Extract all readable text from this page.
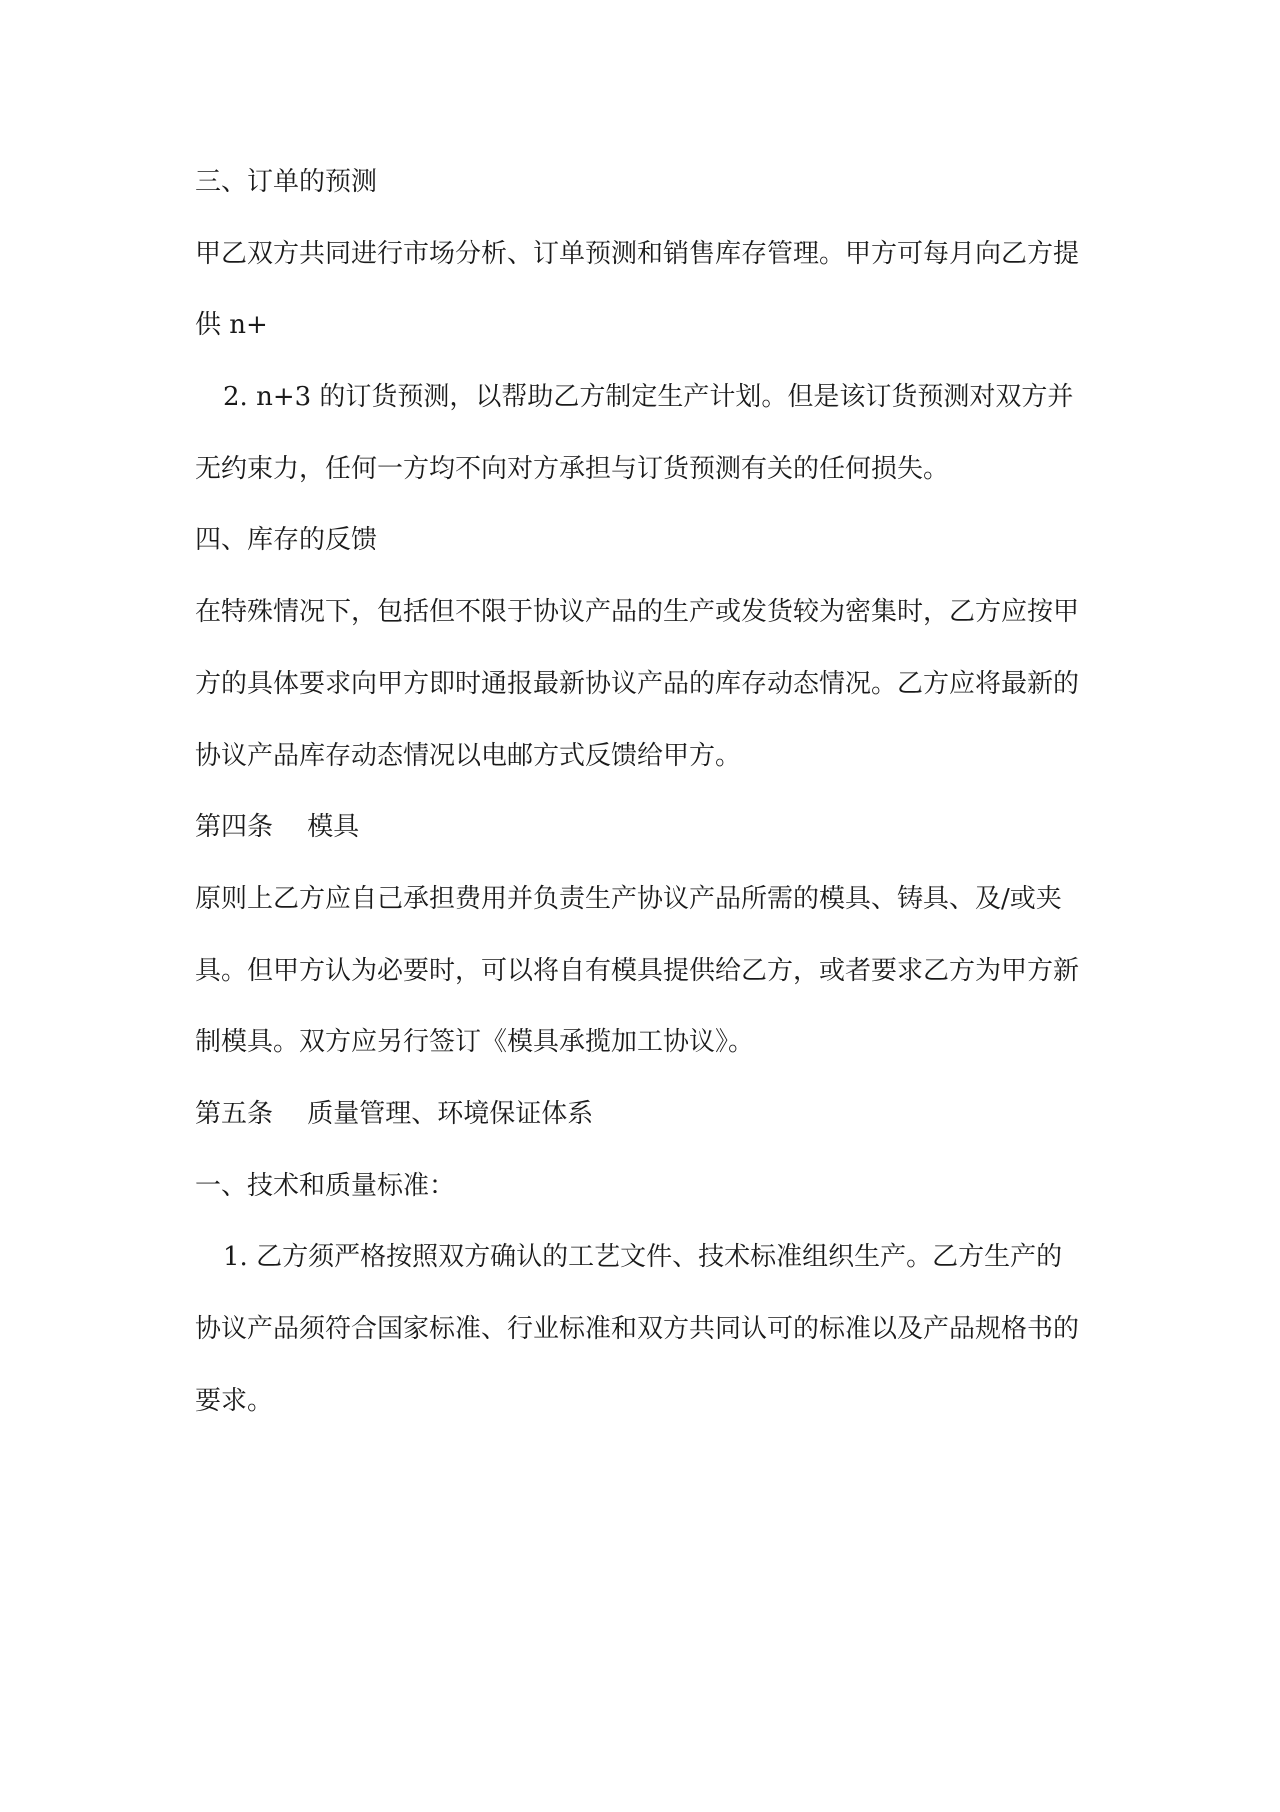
三、订单的预测
甲乙双方共同进行市场分析、订单预测和销售库存管理。甲方可每月向乙方提
供 n+
2. n+3 的订货预测，以帮助乙方制定生产计划。但是该订货预测对双方并
无约束力，任何一方均不向对方承担与订货预测有关的任何损失。
四、库存的反馈
在特殊情况下，包括但不限于协议产品的生产或发货较为密集时，乙方应按甲
方的具体要求向甲方即时通报最新协议产品的库存动态情况。乙方应将最新的
协议产品库存动态情况以电邮方式反馈给甲方。
第四条　 模具
原则上乙方应自己承担费用并负责生产协议产品所需的模具、铸具、及/或夹
具。但甲方认为必要时，可以将自有模具提供给乙方，或者要求乙方为甲方新
制模具。双方应另行签订《模具承揽加工协议》。
第五条　 质量管理、环境保证体系
一、技术和质量标准：
1. 乙方须严格按照双方确认的工艺文件、技术标准组织生产。乙方生产的
协议产品须符合国家标准、行业标准和双方共同认可的标准以及产品规格书的
要求。
